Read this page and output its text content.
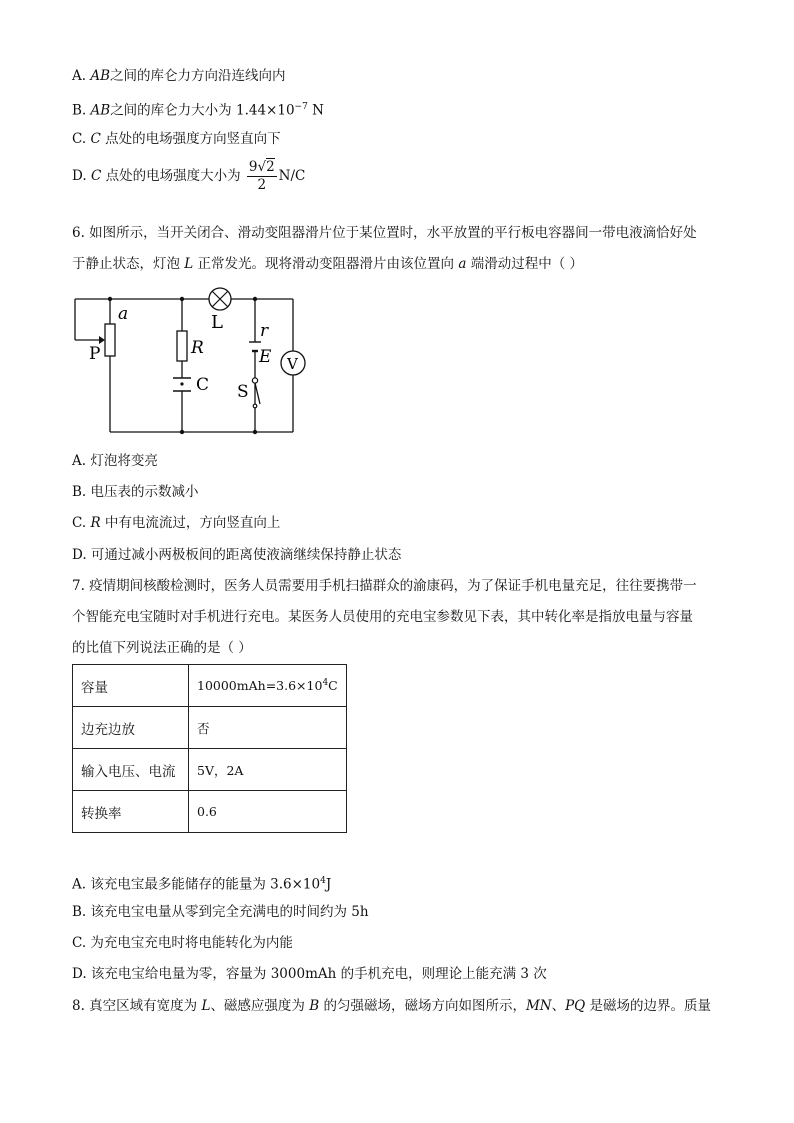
A. AB之间的库仑力方向沿连线向内
B. AB之间的库仑力大小为 $1.44\times 10^{-7}$ N
C. C 点处的电场强度方向竖直向下
D. C 点处的电场强度大小为 $\frac{9√2}{2} N/C$
6. 如图所示，当开关闭合、滑动变阻器滑片位于某位置时，水平放置的平行板电容器间一带电液滴恰好处
于静止状态，灯泡 L 正常发光。现将滑动变阻器滑片由该位置向 a 端滑动过程中（ ）
a	L r
E V
P	R
C S
A. 灯泡将变亮
B. 电压表的示数减小
C. R 中有电流流过，方向竖直向上
D. 可通过减小两极板间的距离使液滴继续保持静止状态
7. 疫情期间核酸检测时，医务人员需要用手机扫描群众的渝康码，为了保证手机电量充足，往往要携带一
个智能充电宝随时对手机进行充电。某医务人员使用的充电宝参数见下表，其中转化率是指放电量与容量
的比值下列说法正确的是（ ）
容量	$10000mAh=3.6\times 10^4C$
边充边放	否
输入电压、电流	5V，2A
转换率	0.6
A. 该充电宝最多能储存的能量为 $3.6\times 10^4J$
B. 该充电宝电量从零到完全充满电的时间约为 5h
C. 为充电宝充电时将电能转化为内能
D. 该充电宝给电量为零，容量为 3000mAh 的手机充电，则理论上能充满 3 次
8. 真空区域有宽度为 L、磁感应强度为 B 的匀强磁场，磁场方向如图所示，MN、PQ 是磁场的边界。质量
